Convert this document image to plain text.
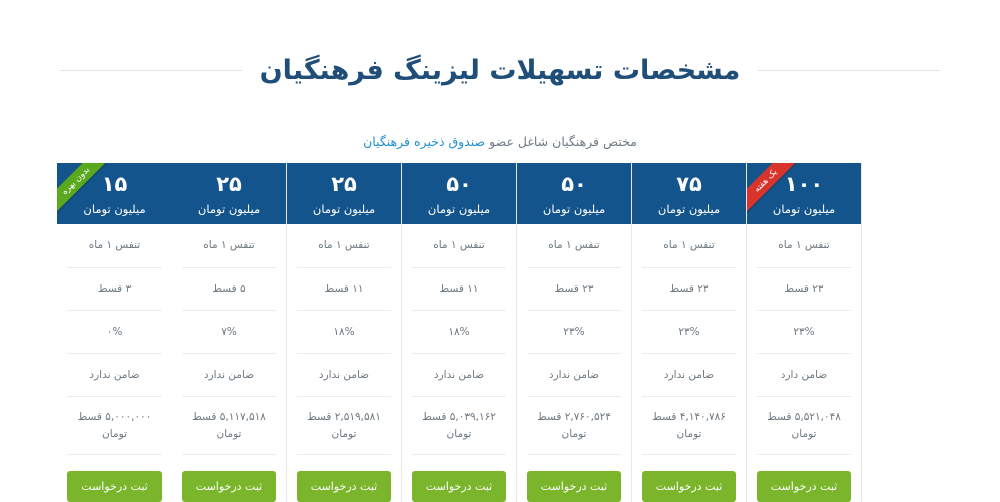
مشخصات تسهیلات لیزینگ فرهنگیان
مختص فرهنگیان شاغل عضو صندوق ذخیره فرهنگیان
بدون بهره ۱۵
میلیون تومان
تنفس ۱ ماه
۳ قسط
۰%
ضامن ندارد
۵,۰۰۰,۰۰۰ قسط
تومان
ثبت درخواست
۲۵
میلیون تومان
تنفس ۱ ماه
۵ قسط
۷%
ضامن ندارد
۵,۱۱۷,۵۱۸ قسط
تومان
ثبت درخواست
۲۵
میلیون تومان
تنفس ۱ ماه
۱۱ قسط
۱۸%
ضامن ندارد
۲,۵۱۹,۵۸۱ قسط
تومان
ثبت درخواست
۵۰
میلیون تومان
تنفس ۱ ماه
۱۱ قسط
۱۸%
ضامن ندارد
۵,۰۳۹,۱۶۲ قسط
تومان
ثبت درخواست
۵۰
میلیون تومان
تنفس ۱ ماه
۲۳ قسط
۲۳%
ضامن ندارد
۲,۷۶۰,۵۲۴ قسط
تومان
ثبت درخواست
۷۵
میلیون تومان
تنفس ۱ ماه
۲۳ قسط
۲۳%
ضامن ندارد
۴,۱۴۰,۷۸۶ قسط
تومان
ثبت درخواست
یک هفته ۱۰۰
میلیون تومان
تنفس ۱ ماه
۲۳ قسط
۲۳%
ضامن دارد
۵,۵۲۱,۰۴۸ قسط
تومان
ثبت درخواست
